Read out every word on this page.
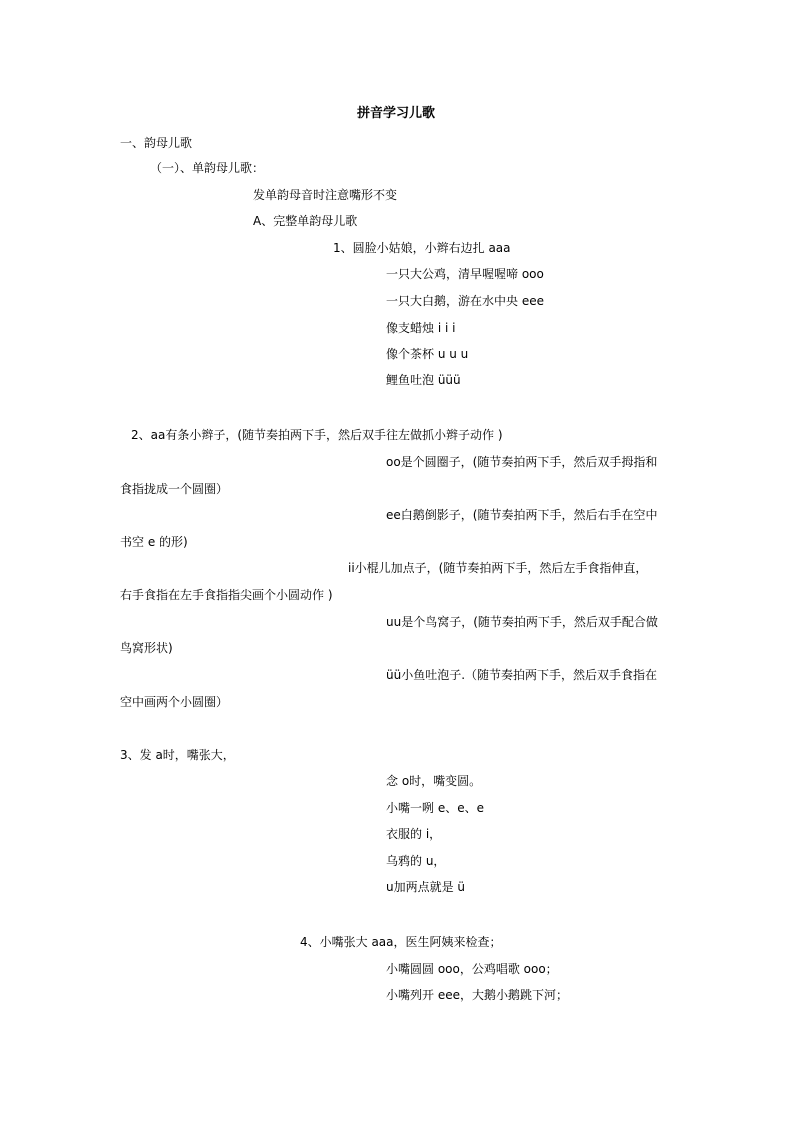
拼音学习儿歌
一、韵母儿歌
（一）、单韵母儿歌：
发单韵母音时注意嘴形不变
A、完整单韵母儿歌
1、圆脸小姑娘，小辫右边扎 aaa
一只大公鸡，清早喔喔啼 ooo
一只大白鹅，游在水中央 eee
像支蜡烛 i i i
像个茶杯 u u u
鲤鱼吐泡 üüü
2、aa有条小辫子，(随节奏拍两下手，然后双手往左做抓小辫子动作 )
oo是个圆圈子，(随节奏拍两下手，然后双手拇指和
食指拢成一个圆圈）
ee白鹅倒影子，(随节奏拍两下手，然后右手在空中
书空 e 的形)
ii小棍儿加点子，(随节奏拍两下手，然后左手食指伸直，
右手食指在左手食指指尖画个小圆动作 )
uu是个鸟窝子，(随节奏拍两下手，然后双手配合做
鸟窝形状)
üü小鱼吐泡子.（随节奏拍两下手，然后双手食指在
空中画两个小圆圈）
3、发 a时，嘴张大，
念 o时，嘴变圆。
小嘴一咧 e、e、e
衣服的 i，
乌鸦的 u，
u加两点就是 ü
4、小嘴张大 aaa，医生阿姨来检查；
小嘴圆圆 ooo，公鸡唱歌 ooo；
小嘴列开 eee，大鹅小鹅跳下河；
